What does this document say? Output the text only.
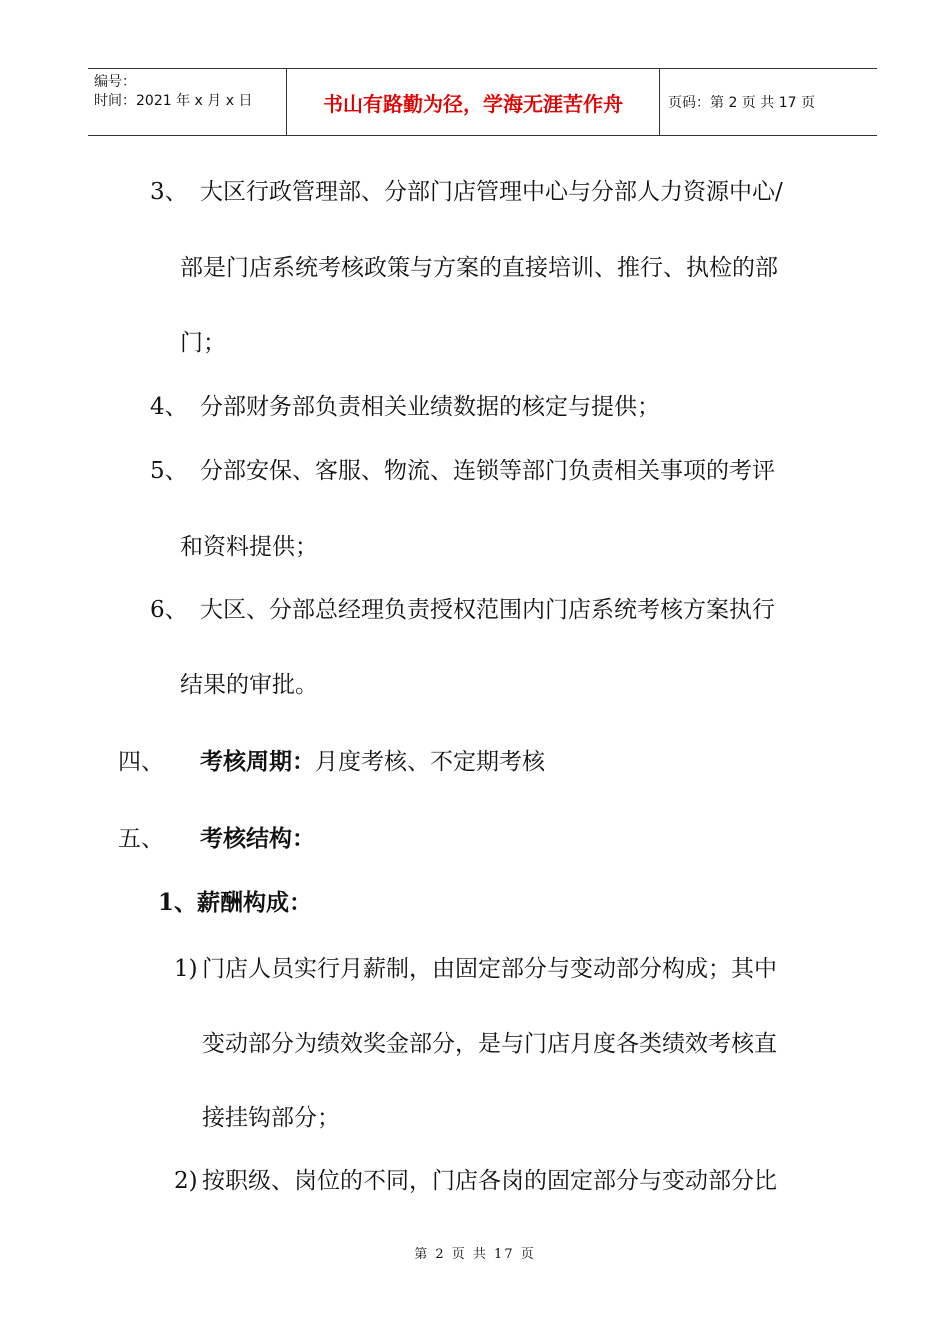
编号：
时间：2021 年 x 月 x 日	书山有路勤为径，学海无涯苦作舟	页码：第 2 页 共 17 页
3、 大区行政管理部、分部门店管理中心与分部人力资源中心/
部是门店系统考核政策与方案的直接培训、推行、执检的部
门；
4、 分部财务部负责相关业绩数据的核定与提供；
5、 分部安保、客服、物流、连锁等部门负责相关事项的考评
和资料提供；
6、 大区、分部总经理负责授权范围内门店系统考核方案执行
结果的审批。
四、 考核周期：月度考核、不定期考核
五、 考核结构：
1、薪酬构成：
1) 门店人员实行月薪制，由固定部分与变动部分构成；其中
变动部分为绩效奖金部分，是与门店月度各类绩效考核直
接挂钩部分；
2) 按职级、岗位的不同，门店各岗的固定部分与变动部分比
第 2 页 共 17 页
